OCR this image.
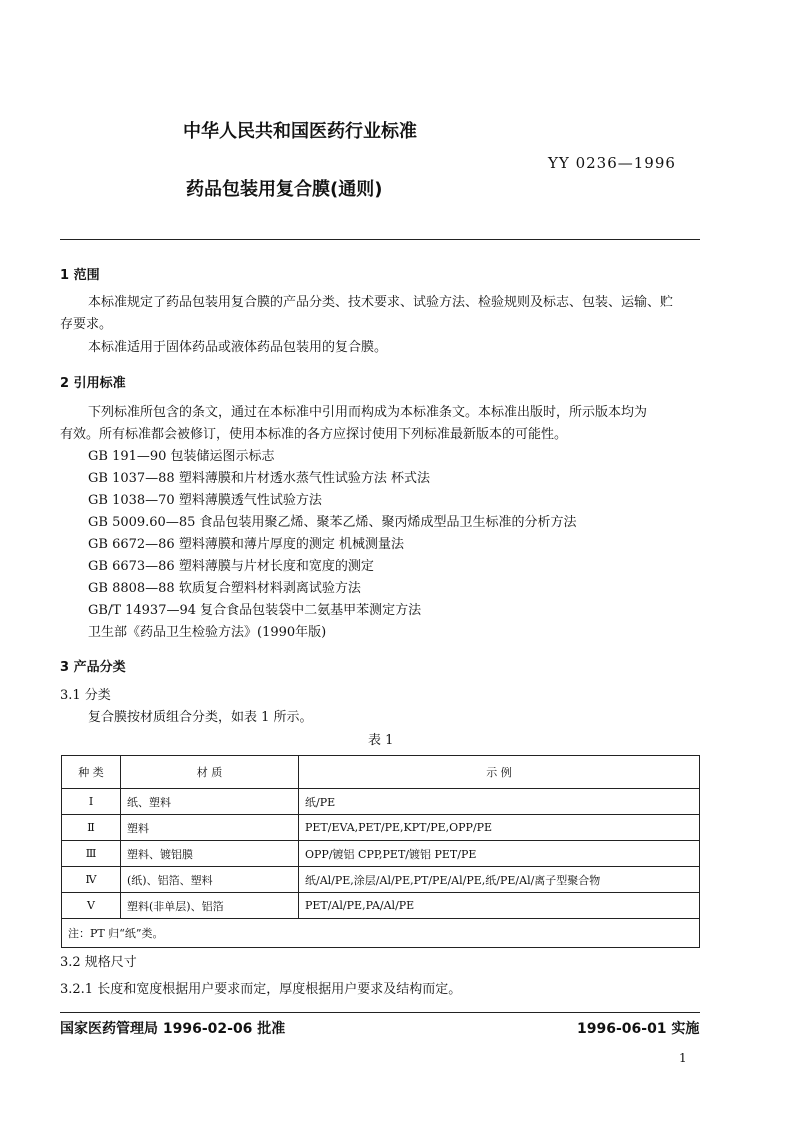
中华人民共和国医药行业标准
YY 0236—1996
药品包装用复合膜(通则)
1 范围
本标准规定了药品包装用复合膜的产品分类、技术要求、试验方法、检验规则及标志、包装、运输、贮
存要求。
本标准适用于固体药品或液体药品包装用的复合膜。
2 引用标准
下列标准所包含的条文，通过在本标准中引用而构成为本标准条文。本标准出版时，所示版本均为
有效。所有标准都会被修订，使用本标准的各方应探讨使用下列标准最新版本的可能性。
GB 191—90 包装储运图示标志
GB 1037—88 塑料薄膜和片材透水蒸气性试验方法 杯式法
GB 1038—70 塑料薄膜透气性试验方法
GB 5009.60—85 食品包装用聚乙烯、聚苯乙烯、聚丙烯成型品卫生标准的分析方法
GB 6672—86 塑料薄膜和薄片厚度的测定 机械测量法
GB 6673—86 塑料薄膜与片材长度和宽度的测定
GB 8808—88 软质复合塑料材料剥离试验方法
GB/T 14937—94 复合食品包装袋中二氨基甲苯测定方法
卫生部《药品卫生检验方法》(1990年版)
3 产品分类
3.1 分类
复合膜按材质组合分类，如表 1 所示。
表 1
种 类	材 质	示 例
Ⅰ	纸、塑料	纸/PE
Ⅱ	塑料	PET/EVA,PET/PE,KPT/PE,OPP/PE
Ⅲ	塑料、镀铝膜	OPP/镀铝 CPP,PET/镀铝 PET/PE
Ⅳ	(纸)、铝箔、塑料	纸/Al/PE,涂层/Al/PE,PT/PE/Al/PE,纸/PE/Al/离子型聚合物
Ⅴ	塑料(非单层)、铝箔	PET/Al/PE,PA/Al/PE
注：PT 归“纸”类。		
3.2 规格尺寸
3.2.1 长度和宽度根据用户要求而定，厚度根据用户要求及结构而定。
国家医药管理局 1996-02-06 批准	1996-06-01 实施
1
